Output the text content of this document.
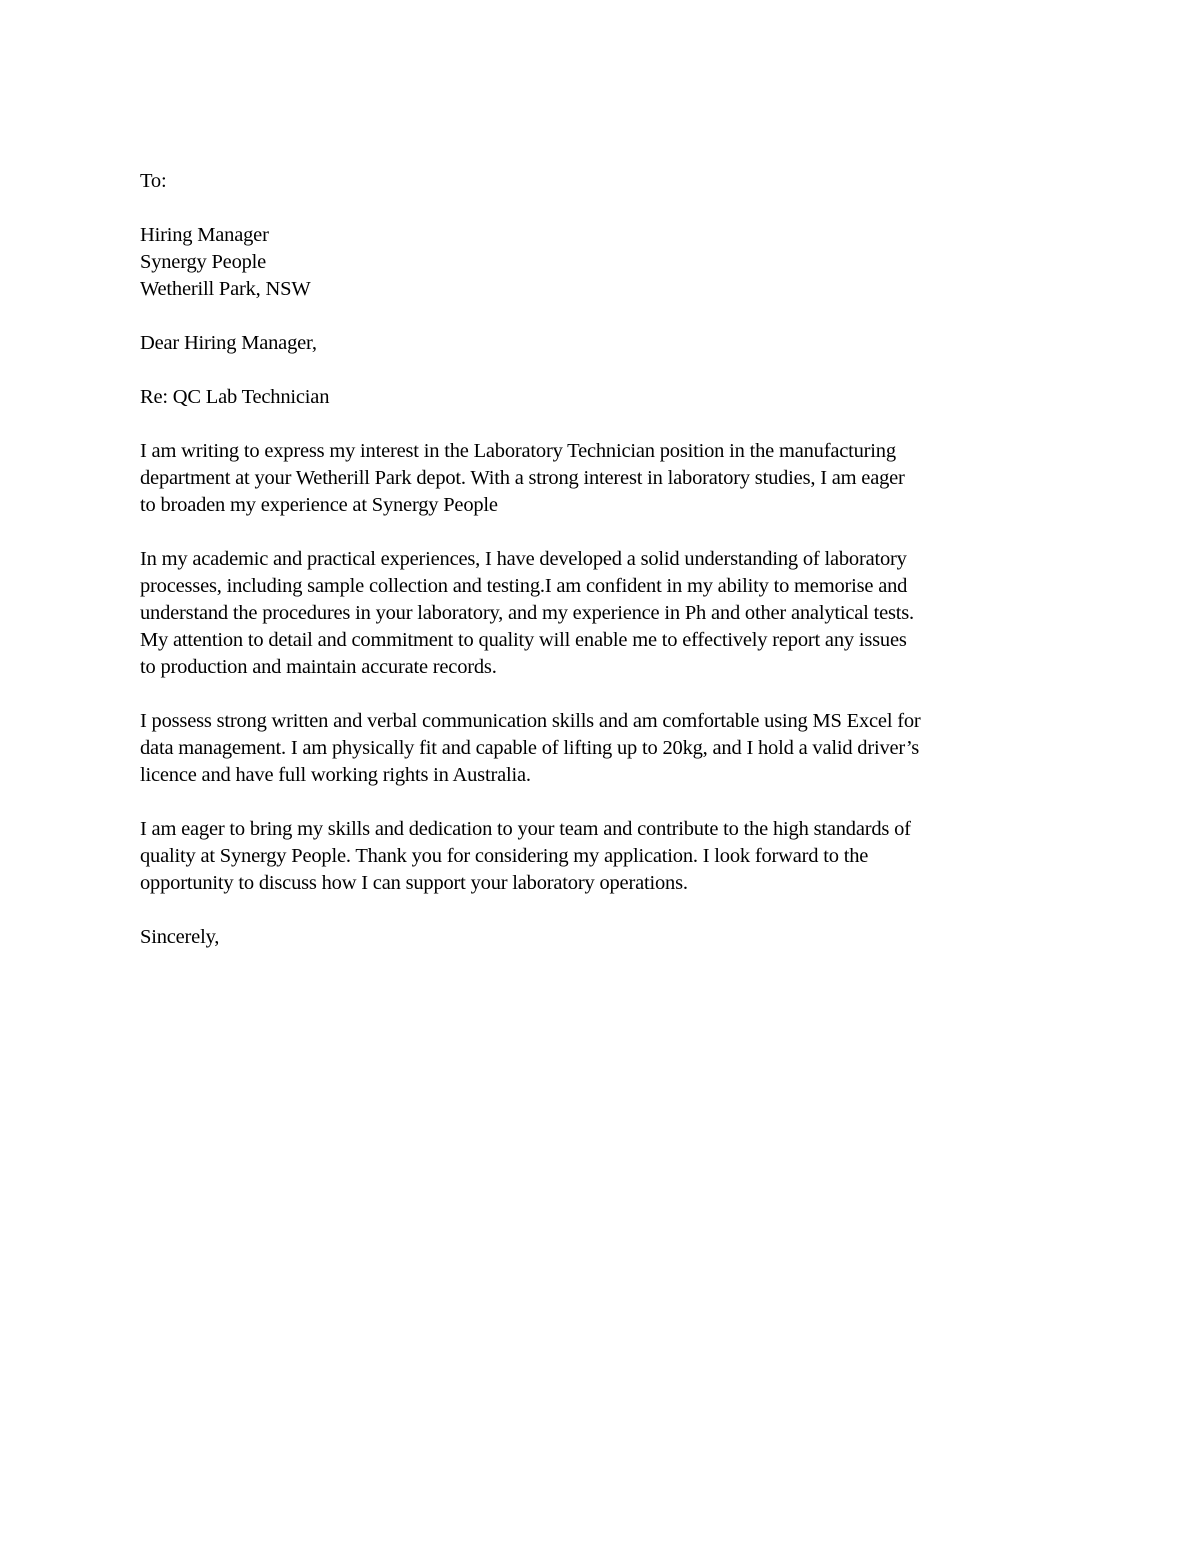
To:

Hiring Manager
Synergy People
Wetherill Park, NSW

Dear Hiring Manager,

Re: QC Lab Technician

I am writing to express my interest in the Laboratory Technician position in the manufacturing
department at your Wetherill Park depot. With a strong interest in laboratory studies, I am eager
to broaden my experience at Synergy People

In my academic and practical experiences, I have developed a solid understanding of laboratory
processes, including sample collection and testing.I am confident in my ability to memorise and
understand the procedures in your laboratory, and my experience in Ph and other analytical tests.
My attention to detail and commitment to quality will enable me to effectively report any issues
to production and maintain accurate records.

I possess strong written and verbal communication skills and am comfortable using MS Excel for
data management. I am physically fit and capable of lifting up to 20kg, and I hold a valid driver’s
licence and have full working rights in Australia.

I am eager to bring my skills and dedication to your team and contribute to the high standards of
quality at Synergy People. Thank you for considering my application. I look forward to the
opportunity to discuss how I can support your laboratory operations.

Sincerely,
